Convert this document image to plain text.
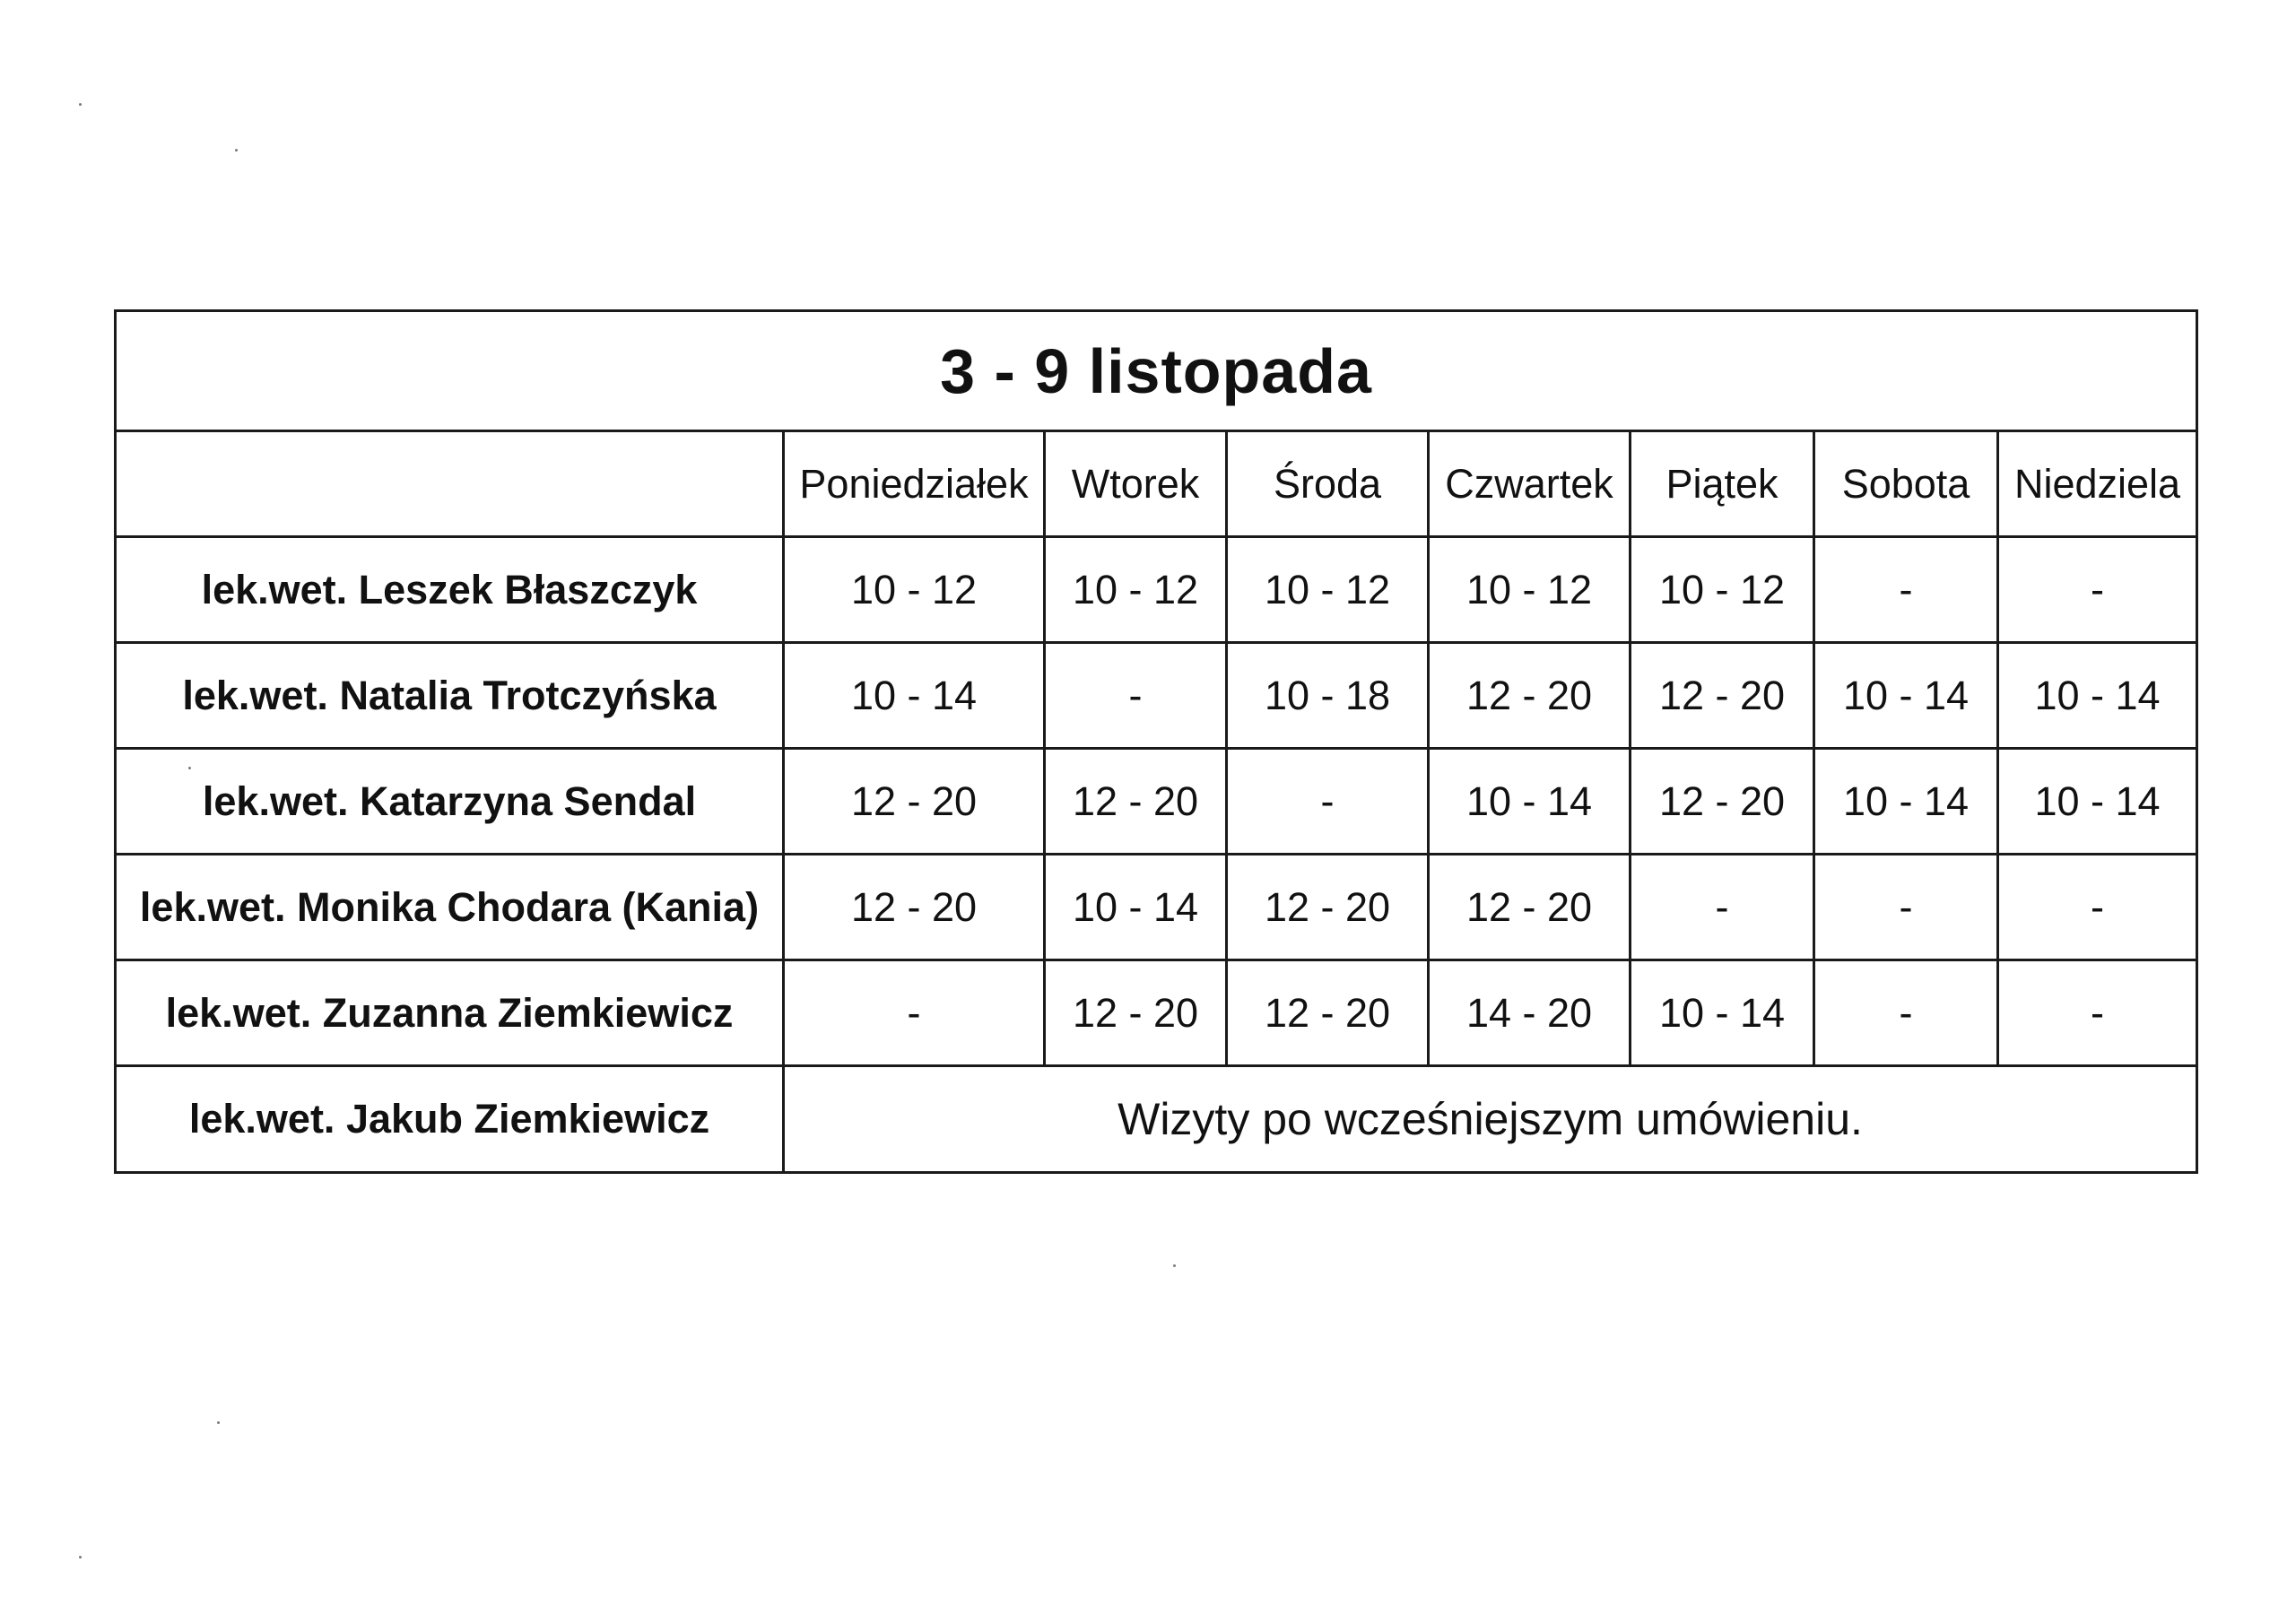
3 - 9 listopada							
	Poniedziałek	Wtorek	Środa	Czwartek	Piątek	Sobota	Niedziela
lek.wet. Leszek Błaszczyk	10 - 12	10 - 12	10 - 12	10 - 12	10 - 12	-	-
lek.wet. Natalia Trotczyńska	10 - 14	-	10 - 18	12 - 20	12 - 20	10 - 14	10 - 14
lek.wet. Katarzyna Sendal	12 - 20	12 - 20	-	10 - 14	12 - 20	10 - 14	10 - 14
lek.wet. Monika Chodara (Kania)	12 - 20	10 - 14	12 - 20	12 - 20	-	-	-
lek.wet. Zuzanna Ziemkiewicz	-	12 - 20	12 - 20	14 - 20	10 - 14	-	-
lek.wet. Jakub Ziemkiewicz	Wizyty po wcześniejszym umówieniu.						
